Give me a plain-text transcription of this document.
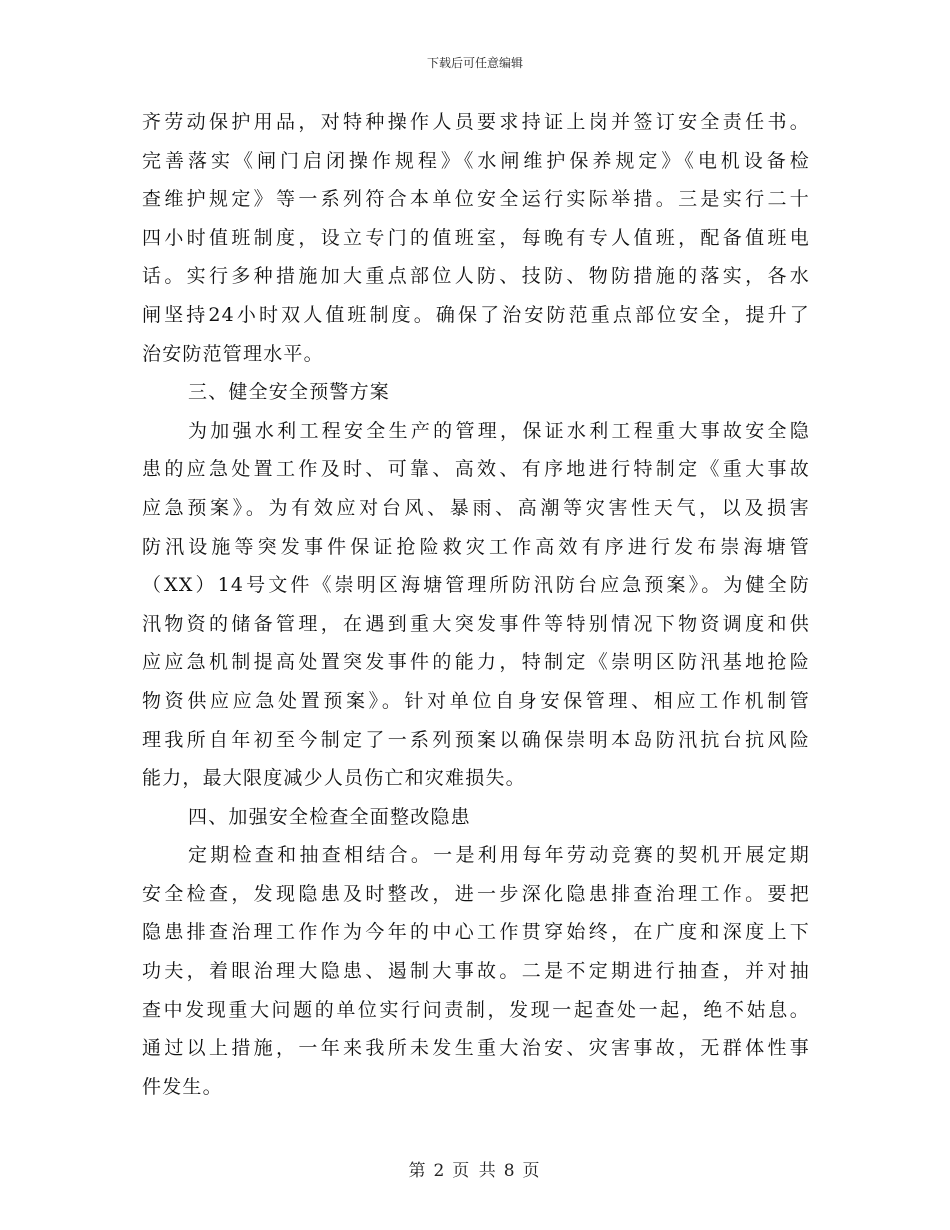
下载后可任意编辑
齐劳动保护用品，对特种操作人员要求持证上岗并签订安全责任书。
完善落实《闸门启闭操作规程》《水闸维护保养规定》《电机设备检
查维护规定》等一系列符合本单位安全运行实际举措。三是实行二十
四小时值班制度，设立专门的值班室，每晚有专人值班，配备值班电
话。实行多种措施加大重点部位人防、技防、物防措施的落实，各水
闸坚持24小时双人值班制度。确保了治安防范重点部位安全，提升了
治安防范管理水平。
三、健全安全预警方案
为加强水利工程安全生产的管理，保证水利工程重大事故安全隐
患的应急处置工作及时、可靠、高效、有序地进行特制定《重大事故
应急预案》。为有效应对台风、暴雨、高潮等灾害性天气，以及损害
防汛设施等突发事件保证抢险救灾工作高效有序进行发布崇海塘管
（XX）14号文件《崇明区海塘管理所防汛防台应急预案》。为健全防
汛物资的储备管理，在遇到重大突发事件等特别情况下物资调度和供
应应急机制提高处置突发事件的能力，特制定《崇明区防汛基地抢险
物资供应应急处置预案》。针对单位自身安保管理、相应工作机制管
理我所自年初至今制定了一系列预案以确保崇明本岛防汛抗台抗风险
能力，最大限度减少人员伤亡和灾难损失。
四、加强安全检查全面整改隐患
定期检查和抽查相结合。一是利用每年劳动竞赛的契机开展定期
安全检查，发现隐患及时整改，进一步深化隐患排查治理工作。要把
隐患排查治理工作作为今年的中心工作贯穿始终，在广度和深度上下
功夫，着眼治理大隐患、遏制大事故。二是不定期进行抽查，并对抽
查中发现重大问题的单位实行问责制，发现一起查处一起，绝不姑息。
通过以上措施，一年来我所未发生重大治安、灾害事故，无群体性事
件发生。
第 2 页 共 8 页
